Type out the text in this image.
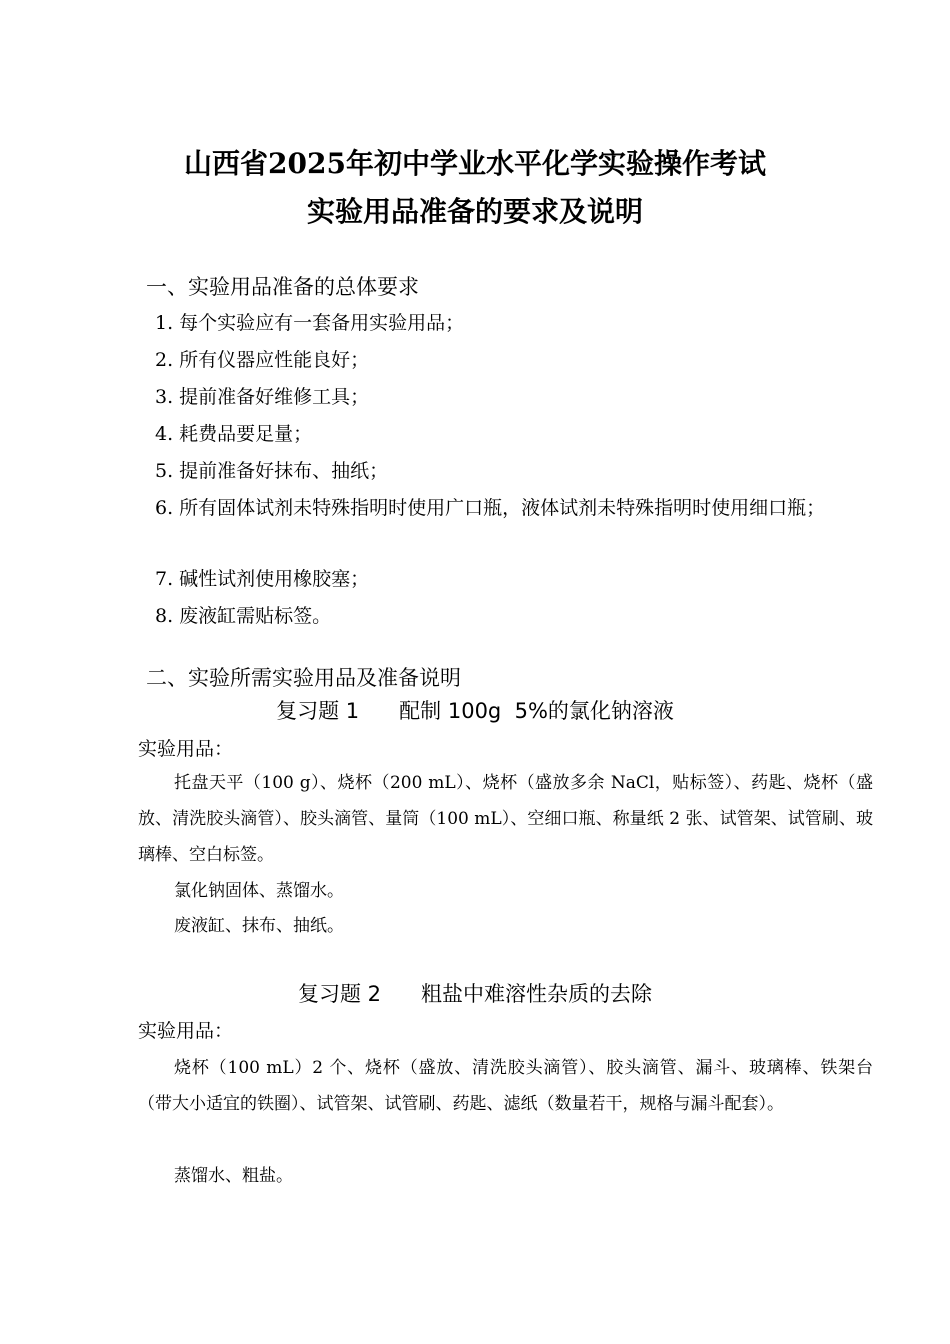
山西省2025年初中学业水平化学实验操作考试
实验用品准备的要求及说明
一、实验用品准备的总体要求
1. 每个实验应有一套备用实验用品；
2. 所有仪器应性能良好；
3. 提前准备好维修工具；
4. 耗费品要足量；
5. 提前准备好抹布、抽纸；
6. 所有固体试剂未特殊指明时使用广口瓶，液体试剂未特殊指明时使用细口瓶；
7. 碱性试剂使用橡胶塞；
8. 废液缸需贴标签。
二、实验所需实验用品及准备说明
复习题 1      配制 100g  5%的氯化钠溶液
实验用品：
托盘天平（100 g）、烧杯（200 mL）、烧杯（盛放多余 NaCl，贴标签）、药匙、烧杯（盛放、清洗胶头滴管）、胶头滴管、量筒（100 mL）、空细口瓶、称量纸 2 张、试管架、试管刷、玻璃棒、空白标签。
氯化钠固体、蒸馏水。
废液缸、抹布、抽纸。
复习题 2      粗盐中难溶性杂质的去除
实验用品：
烧杯（100 mL）2 个、烧杯（盛放、清洗胶头滴管）、胶头滴管、漏斗、玻璃棒、铁架台（带大小适宜的铁圈）、试管架、试管刷、药匙、滤纸（数量若干，规格与漏斗配套）。
蒸馏水、粗盐。
